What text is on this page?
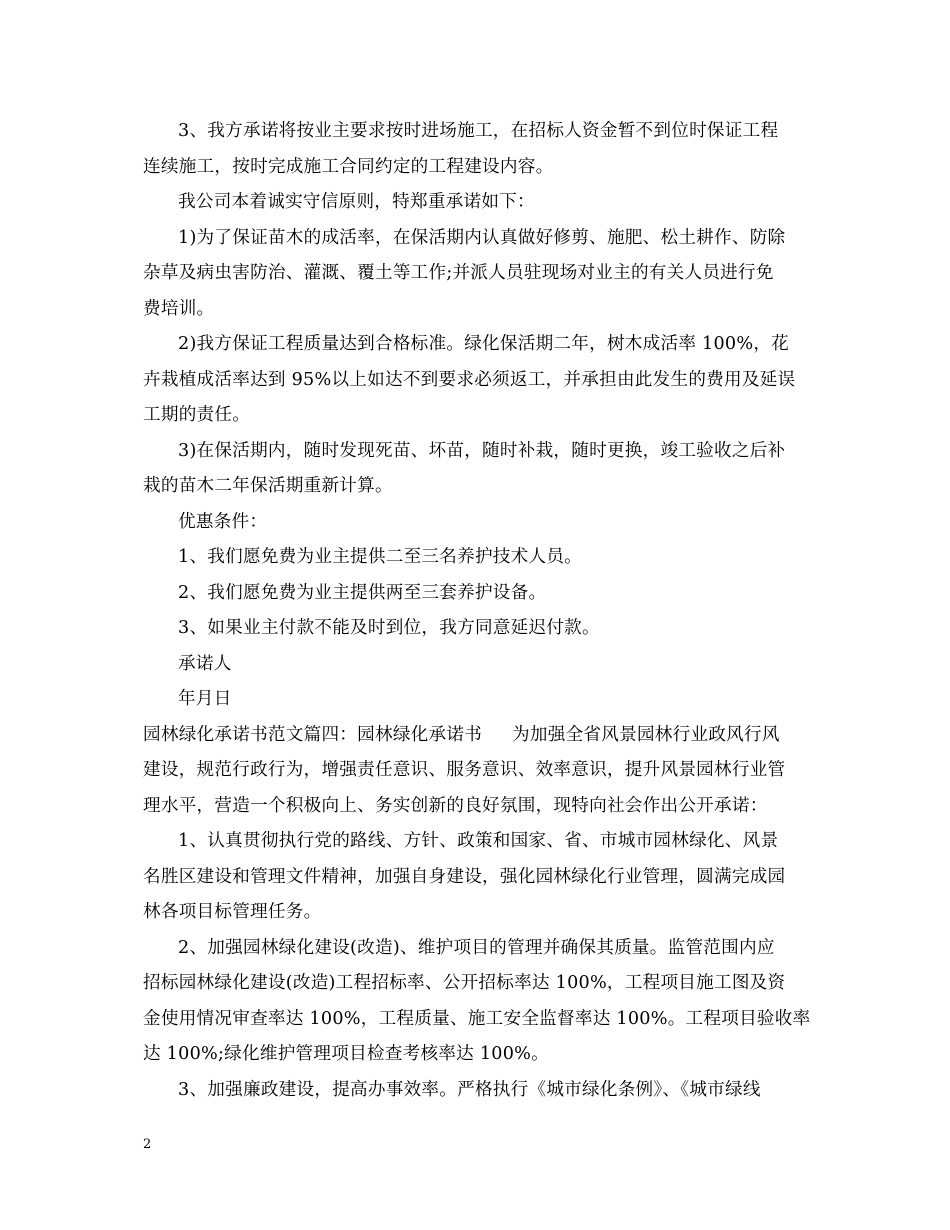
3、我方承诺将按业主要求按时进场施工，在招标人资金暂不到位时保证工程
连续施工，按时完成施工合同约定的工程建设内容。
我公司本着诚实守信原则，特郑重承诺如下：
1)为了保证苗木的成活率，在保活期内认真做好修剪、施肥、松土耕作、防除
杂草及病虫害防治、灌溉、覆土等工作;并派人员驻现场对业主的有关人员进行免
费培训。
2)我方保证工程质量达到合格标准。绿化保活期二年，树木成活率 100%，花
卉栽植成活率达到 95%以上如达不到要求必须返工，并承担由此发生的费用及延误
工期的责任。
3)在保活期内，随时发现死苗、坏苗，随时补栽，随时更换，竣工验收之后补
栽的苗木二年保活期重新计算。
优惠条件：
1、我们愿免费为业主提供二至三名养护技术人员。
2、我们愿免费为业主提供两至三套养护设备。
3、如果业主付款不能及时到位，我方同意延迟付款。
承诺人
年月日
园林绿化承诺书范文篇四：园林绿化承诺书 为加强全省风景园林行业政风行风
建设，规范行政行为，增强责任意识、服务意识、效率意识，提升风景园林行业管
理水平，营造一个积极向上、务实创新的良好氛围，现特向社会作出公开承诺：
1、认真贯彻执行党的路线、方针、政策和国家、省、市城市园林绿化、风景
名胜区建设和管理文件精神，加强自身建设，强化园林绿化行业管理，圆满完成园
林各项目标管理任务。
2、加强园林绿化建设(改造)、维护项目的管理并确保其质量。监管范围内应
招标园林绿化建设(改造)工程招标率、公开招标率达 100%，工程项目施工图及资
金使用情况审查率达 100%，工程质量、施工安全监督率达 100%。工程项目验收率
达 100%;绿化维护管理项目检查考核率达 100%。
3、加强廉政建设，提高办事效率。严格执行《城市绿化条例》、《城市绿线
2
